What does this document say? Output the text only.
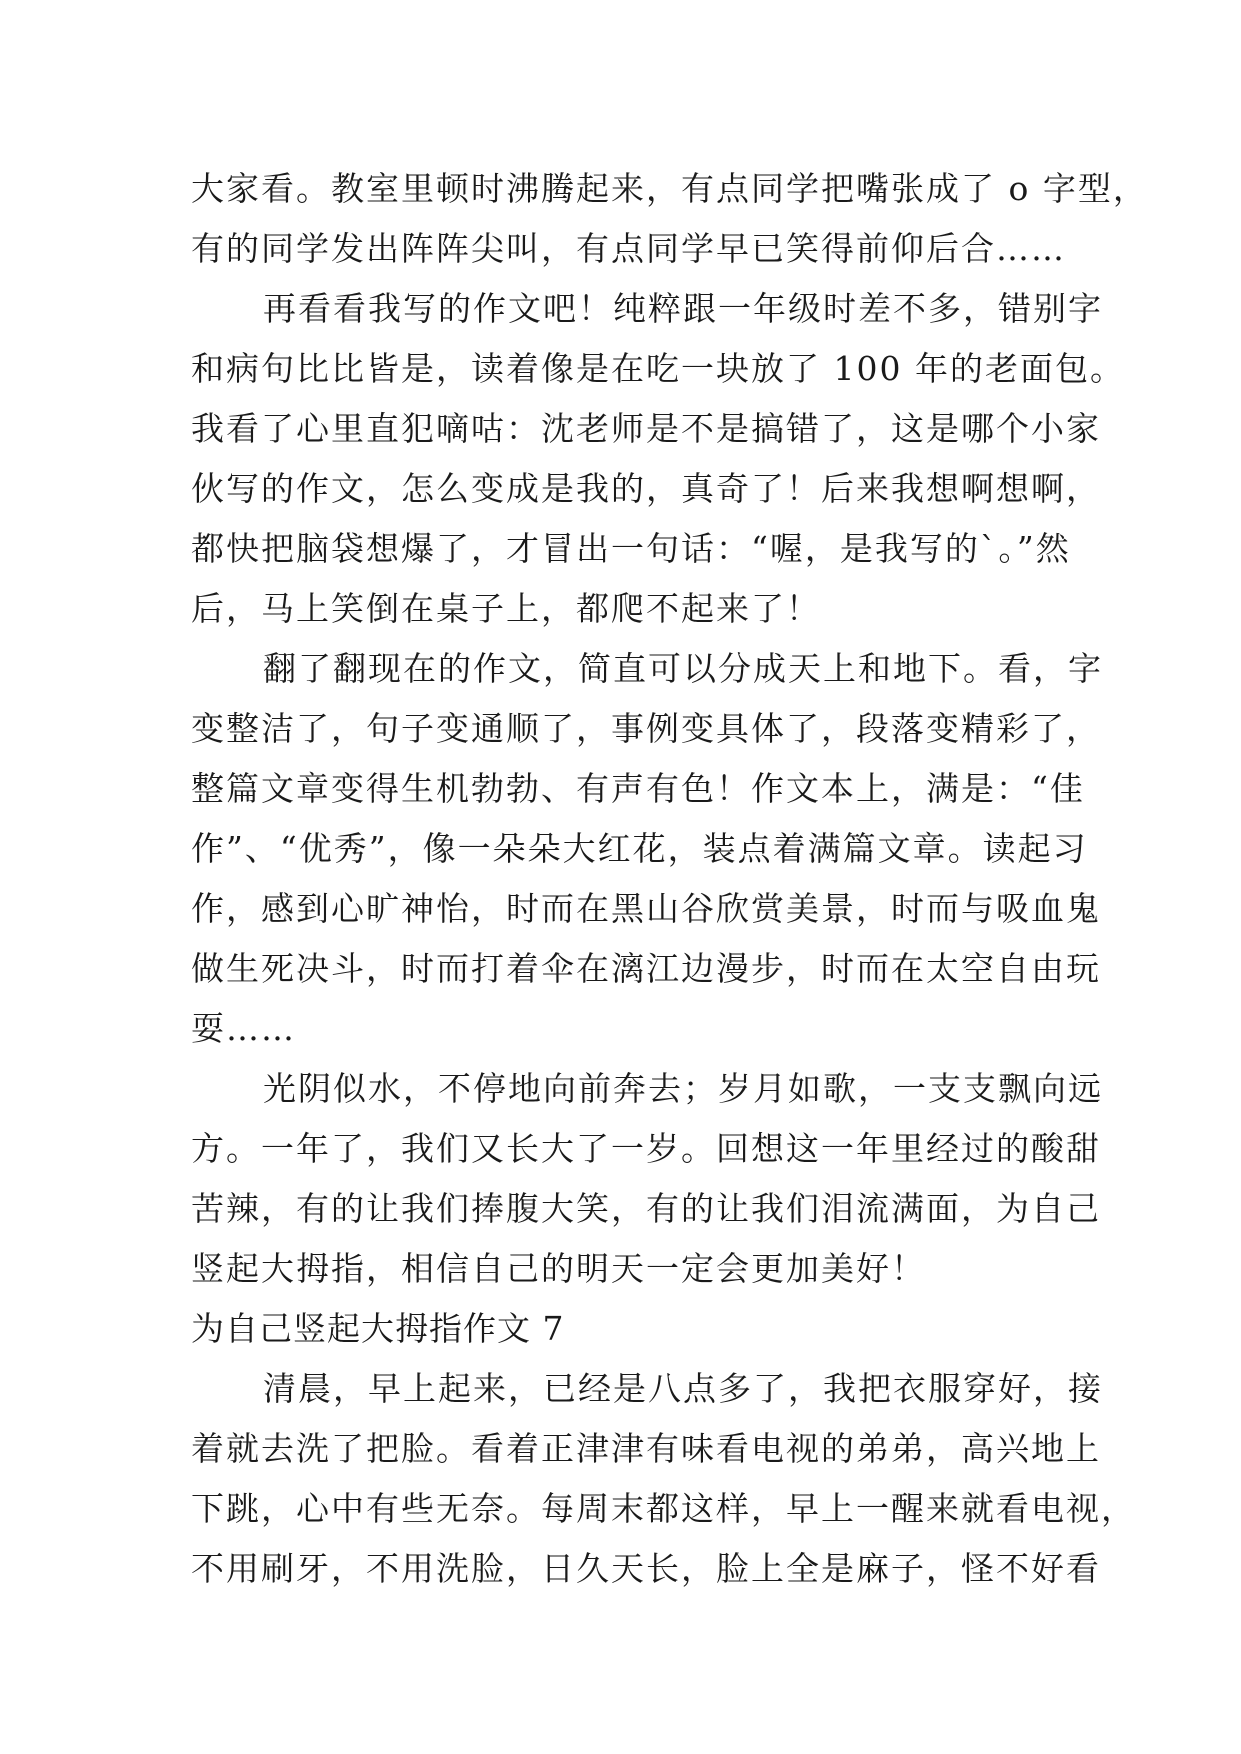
大家看。教室里顿时沸腾起来，有点同学把嘴张成了 o 字型，
有的同学发出阵阵尖叫，有点同学早已笑得前仰后合……
再看看我写的作文吧！纯粹跟一年级时差不多，错别字
和病句比比皆是，读着像是在吃一块放了 100 年的老面包。
我看了心里直犯嘀咕：沈老师是不是搞错了，这是哪个小家
伙写的作文，怎么变成是我的，真奇了！后来我想啊想啊，
都快把脑袋想爆了，才冒出一句话：“喔，是我写的`。”然
后，马上笑倒在桌子上，都爬不起来了！
翻了翻现在的作文，简直可以分成天上和地下。看，字
变整洁了，句子变通顺了，事例变具体了，段落变精彩了，
整篇文章变得生机勃勃、有声有色！作文本上，满是：“佳
作”、“优秀”，像一朵朵大红花，装点着满篇文章。读起习
作，感到心旷神怡，时而在黑山谷欣赏美景，时而与吸血鬼
做生死决斗，时而打着伞在漓江边漫步，时而在太空自由玩
耍……
光阴似水，不停地向前奔去；岁月如歌，一支支飘向远
方。一年了，我们又长大了一岁。回想这一年里经过的酸甜
苦辣，有的让我们捧腹大笑，有的让我们泪流满面，为自己
竖起大拇指，相信自己的明天一定会更加美好！
为自己竖起大拇指作文 7
清晨，早上起来，已经是八点多了，我把衣服穿好，接
着就去洗了把脸。看着正津津有味看电视的弟弟，高兴地上
下跳，心中有些无奈。每周末都这样，早上一醒来就看电视，
不用刷牙，不用洗脸，日久天长，脸上全是麻子，怪不好看
